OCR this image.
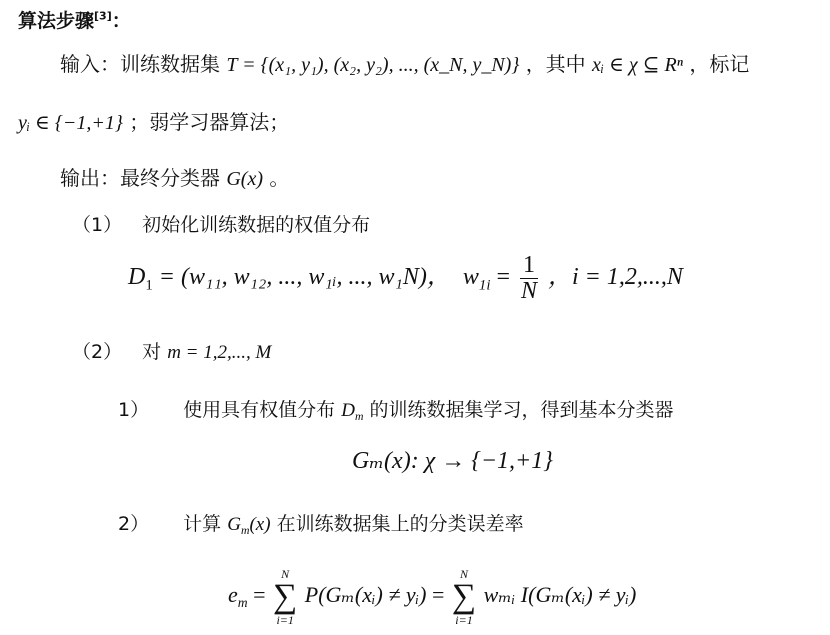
算法步骤[3]：
输入：训练数据集 T = {(x₁, y₁), (x₂, y₂), ..., (x_N, y_N)} ，其中 xᵢ ∈ χ ⊆ Rⁿ ，标记
yᵢ ∈ {−1,+1} ；弱学习器算法；
输出：最终分类器 G(x) 。
（1） 初始化训练数据的权值分布
$D_1 = (w_{11}$, w₁₂, ..., w₁ᵢ, ..., w₁N)， $w_{1i} = \frac{1}{N}$ ，i = 1,2,...,N
（2） 对 m = 1,2,..., M
1） 使用具有权值分布 $D_m$ 的训练数据集学习，得到基本分类器
Gₘ(x): χ → {−1,+1}
2） 计算 $G_m(x)$ 在训练数据集上的分类误差率
$e_m$ =
N
∑
i=1
P(Gₘ(xᵢ) ≠ yᵢ) =
N
∑
i=1
wₘᵢ I(Gₘ(xᵢ) ≠ yᵢ)
